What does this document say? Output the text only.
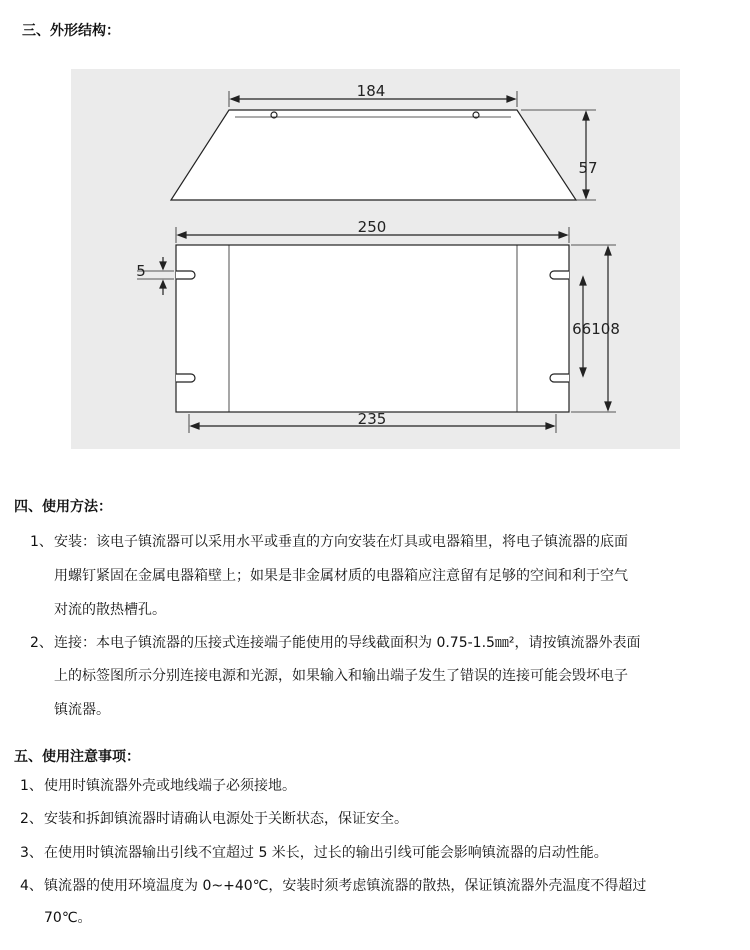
三、外形结构：
184
57
250
5
66108
235
四、使用方法：
1、 安装：该电子镇流器可以采用水平或垂直的方向安装在灯具或电器箱里，将电子镇流器的底面
用螺钉紧固在金属电器箱壁上；如果是非金属材质的电器箱应注意留有足够的空间和利于空气
对流的散热槽孔。
2、 连接：本电子镇流器的压接式连接端子能使用的导线截面积为 0.75-1.5㎜²，请按镇流器外表面
上的标签图所示分别连接电源和光源，如果输入和输出端子发生了错误的连接可能会毁坏电子
镇流器。
五、使用注意事项：
1、 使用时镇流器外壳或地线端子必须接地。
2、 安装和拆卸镇流器时请确认电源处于关断状态，保证安全。
3、 在使用时镇流器输出引线不宜超过 5 米长，过长的输出引线可能会影响镇流器的启动性能。
4、 镇流器的使用环境温度为 0~+40℃，安装时须考虑镇流器的散热，保证镇流器外壳温度不得超过
70℃。
